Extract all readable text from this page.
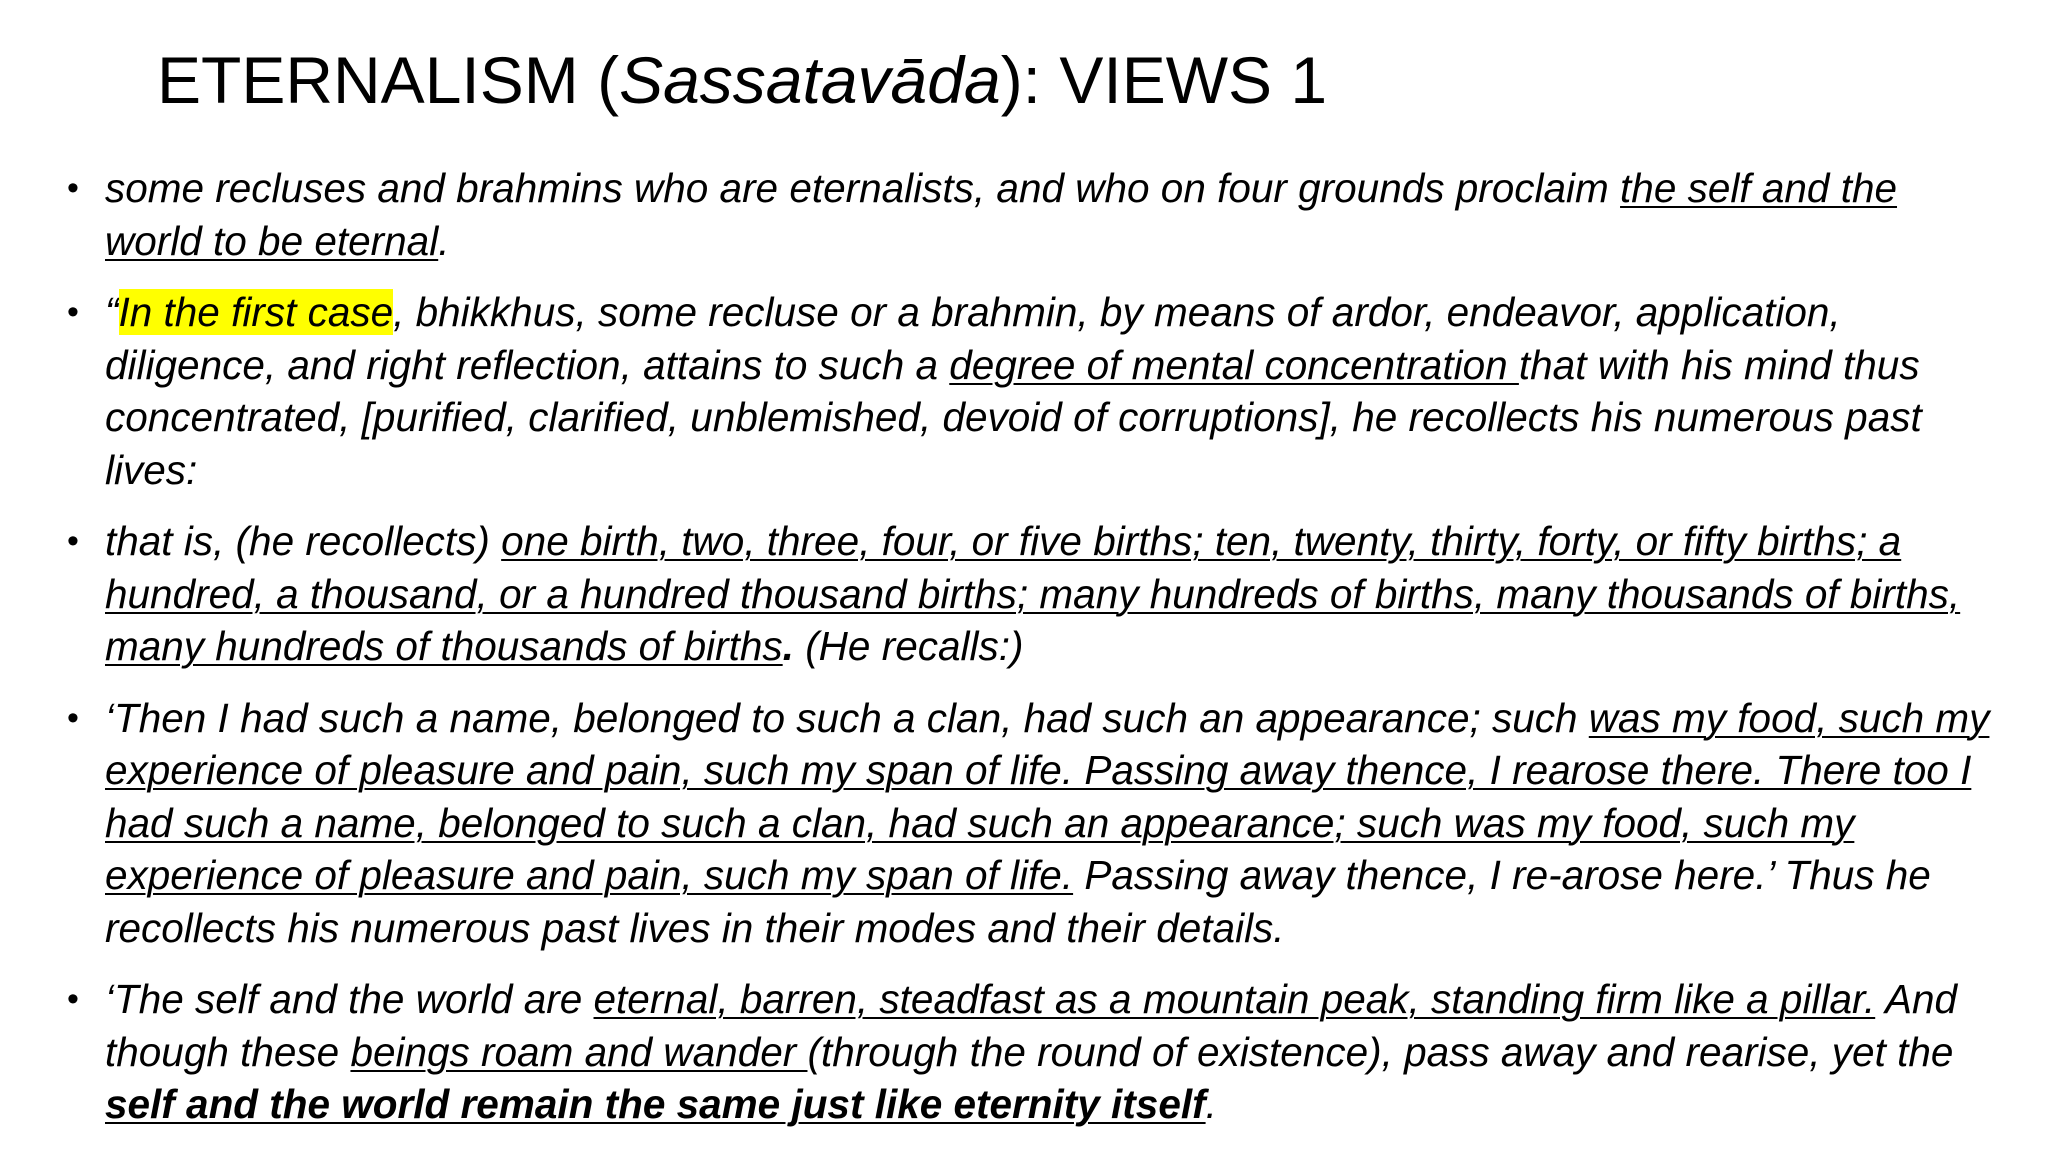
ETERNALISM (Sassatavāda): VIEWS 1
• some recluses and brahmins who are eternalists, and who on four grounds proclaim the self and the world to be eternal.
• “In the first case, bhikkhus, some recluse or a brahmin, by means of ardor, endeavor, application, diligence, and right reflection, attains to such a degree of mental concentration that with his mind thus concentrated, [purified, clarified, unblemished, devoid of corruptions], he recollects his numerous past lives:
• that is, (he recollects) one birth, two, three, four, or five births; ten, twenty, thirty, forty, or fifty births; a hundred, a thousand, or a hundred thousand births; many hundreds of births, many thousands of births, many hundreds of thousands of births. (He recalls:)
• ‘Then I had such a name, belonged to such a clan, had such an appearance; such was my food, such my experience of pleasure and pain, such my span of life. Passing away thence, I rearose there. There too I had such a name, belonged to such a clan, had such an appearance; such was my food, such my experience of pleasure and pain, such my span of life. Passing away thence, I re-arose here.’ Thus he recollects his numerous past lives in their modes and their details.
• ‘The self and the world are eternal, barren, steadfast as a mountain peak, standing firm like a pillar. And though these beings roam and wander (through the round of existence), pass away and rearise, yet the self and the world remain the same just like eternity itself.
